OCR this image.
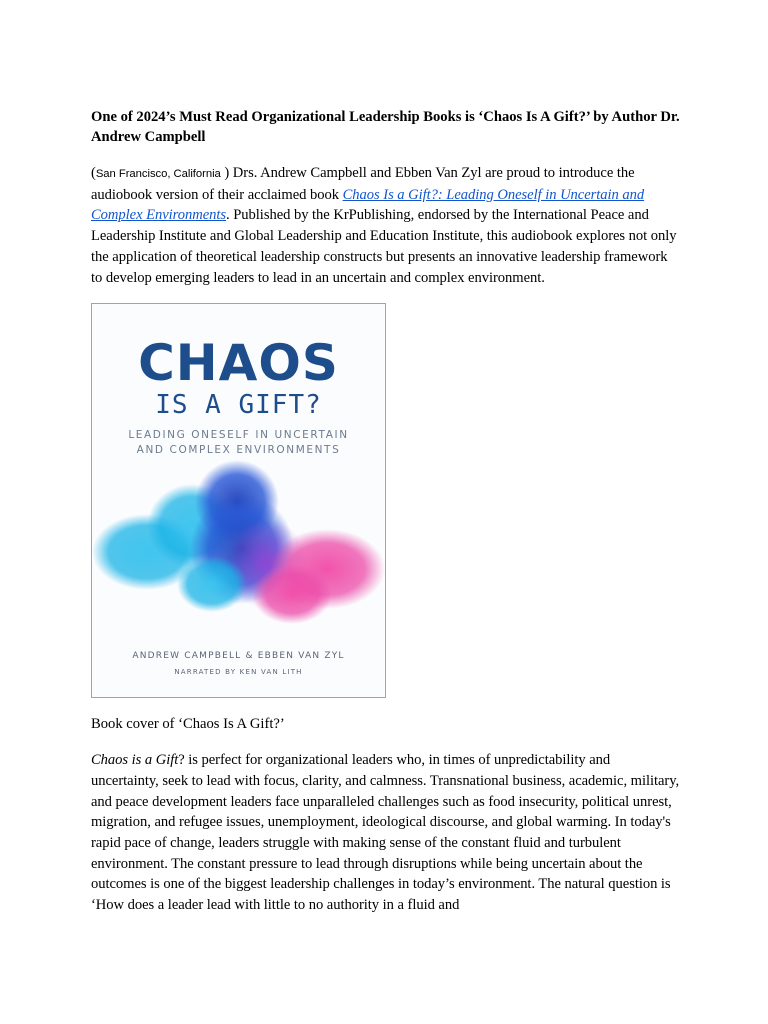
One of 2024’s Must Read Organizational Leadership Books is ‘Chaos Is A Gift?’ by Author Dr. Andrew Campbell

(San Francisco, California ) Drs. Andrew Campbell and Ebben Van Zyl are proud to introduce the audiobook version of their acclaimed book Chaos Is a Gift?: Leading Oneself in Uncertain and Complex Environments. Published by the KrPublishing, endorsed by the International Peace and Leadership Institute and Global Leadership and Education Institute, this audiobook explores not only the application of theoretical leadership constructs but presents an innovative leadership framework to develop emerging leaders to lead in an uncertain and complex environment.

CHAOS
IS A GIFT?
LEADING ONESELF IN UNCERTAIN
AND COMPLEX ENVIRONMENTS
ANDREW CAMPBELL & EBBEN VAN ZYL
NARRATED BY KEN VAN LITH

Book cover of ‘Chaos Is A Gift?’

Chaos is a Gift? is perfect for organizational leaders who, in times of unpredictability and uncertainty, seek to lead with focus, clarity, and calmness. Transnational business, academic, military, and peace development leaders face unparalleled challenges such as food insecurity, political unrest, migration, and refugee issues, unemployment, ideological discourse, and global warming. In today's rapid pace of change, leaders struggle with making sense of the constant fluid and turbulent environment. The constant pressure to lead through disruptions while being uncertain about the outcomes is one of the biggest leadership challenges in today’s environment. The natural question is ‘How does a leader lead with little to no authority in a fluid and
